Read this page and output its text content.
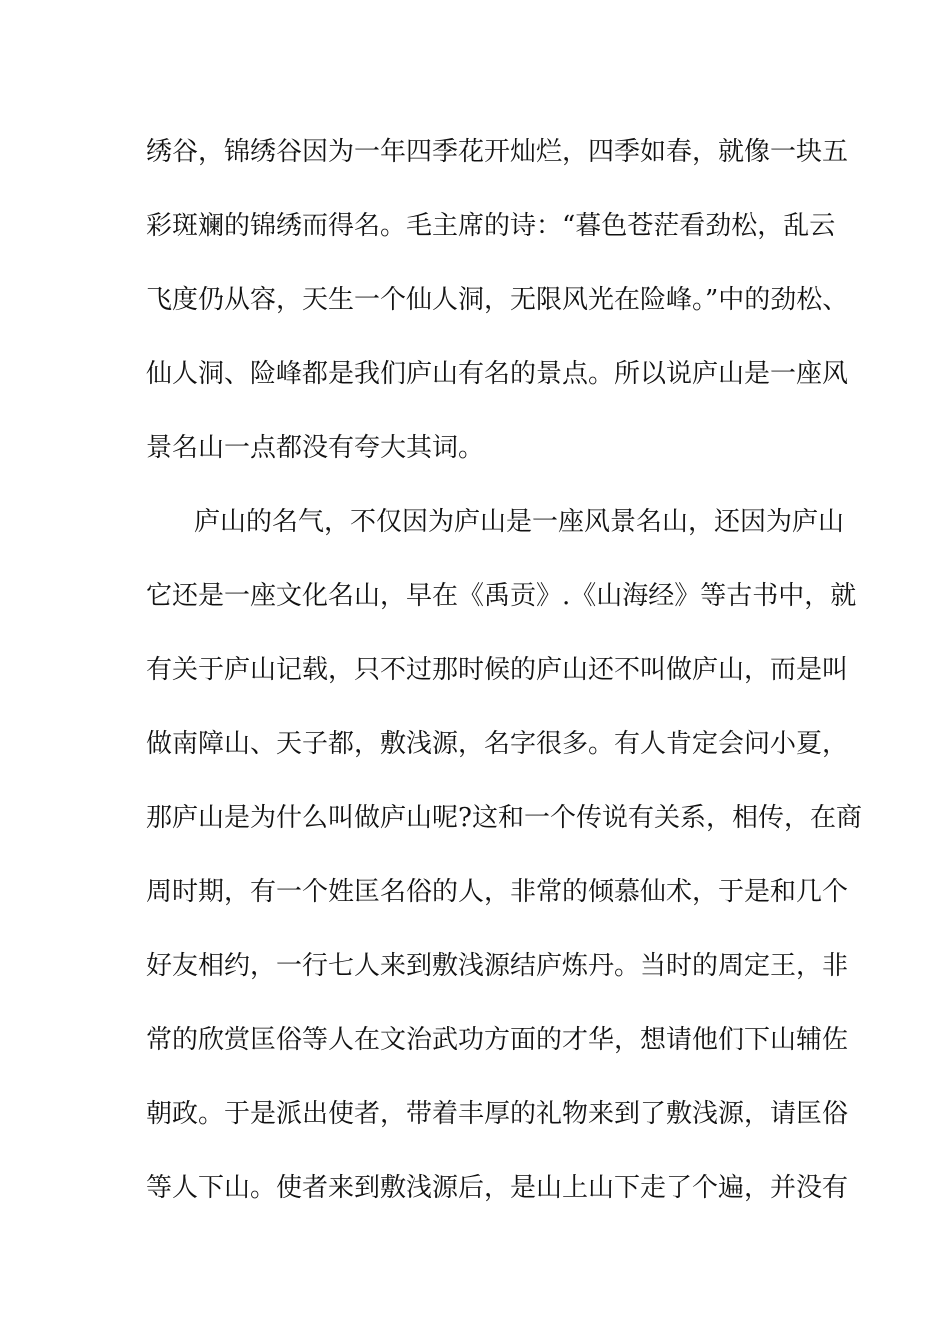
绣谷，锦绣谷因为一年四季花开灿烂，四季如春，就像一块五
彩斑斓的锦绣而得名。毛主席的诗：“暮色苍茫看劲松，乱云
飞度仍从容，天生一个仙人洞，无限风光在险峰。”中的劲松、
仙人洞、险峰都是我们庐山有名的景点。所以说庐山是一座风
景名山一点都没有夸大其词。
庐山的名气，不仅因为庐山是一座风景名山，还因为庐山
它还是一座文化名山，早在《禹贡》.《山海经》等古书中，就
有关于庐山记载，只不过那时候的庐山还不叫做庐山，而是叫
做南障山、天子都，敷浅源，名字很多。有人肯定会问小夏，
那庐山是为什么叫做庐山呢?这和一个传说有关系，相传，在商
周时期，有一个姓匡名俗的人，非常的倾慕仙术，于是和几个
好友相约，一行七人来到敷浅源结庐炼丹。当时的周定王，非
常的欣赏匡俗等人在文治武功方面的才华，想请他们下山辅佐
朝政。于是派出使者，带着丰厚的礼物来到了敷浅源，请匡俗
等人下山。使者来到敷浅源后，是山上山下走了个遍，并没有
